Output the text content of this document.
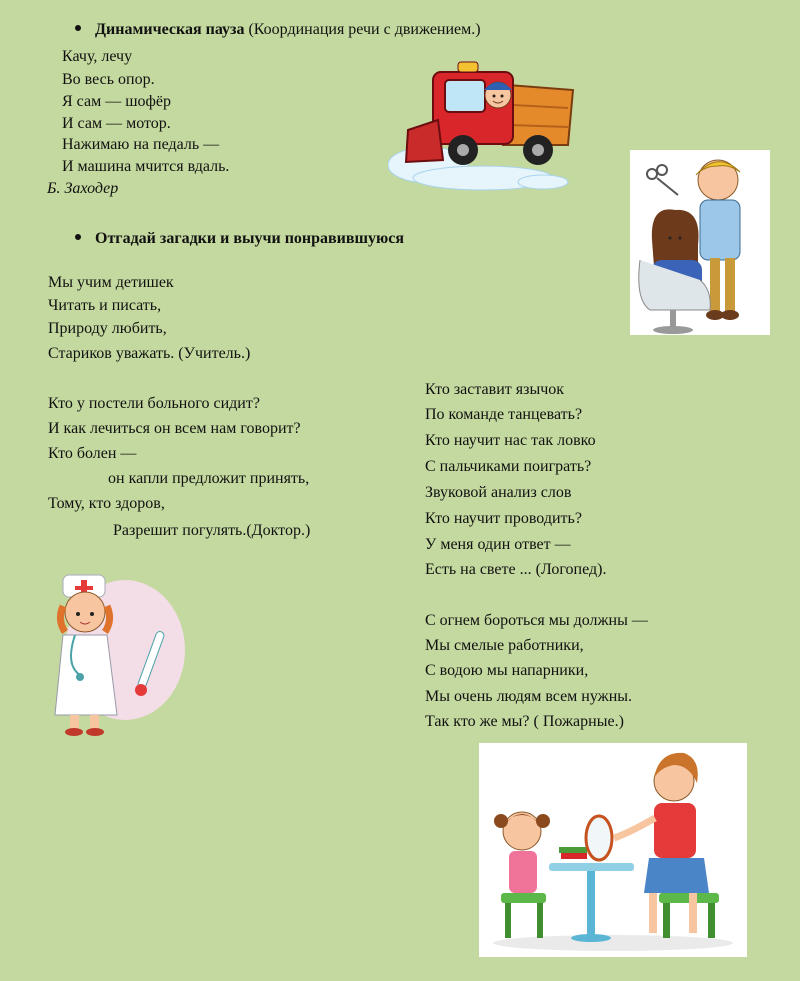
Динамическая пауза (Координация речи с движением.)
Качу, лечу
Во весь опор.
Я сам — шофёр
И сам — мотор.
Нажимаю на педаль —
И машина мчится вдаль.
Б. Заходер
Отгадай загадки и выучи понравившуюся
Мы учим детишек
Читать и писать,
Природу любить,
Стариков уважать. (Учитель.)
Кто у постели больного сидит?
И как лечиться он всем нам говорит?
Кто болен —
он капли предложит принять,
Тому, кто здоров,
Разрешит погулять.(Доктор.)
Кто заставит язычок
По команде танцевать?
Кто научит нас так ловко
С пальчиками поиграть?
Звуковой анализ слов
Кто научит проводить?
У меня один ответ —
Есть на свете ... (Логопед).
С огнем бороться мы должны —
Мы смелые работники,
С водою мы напарники,
Мы очень людям всем нужны.
Так кто же мы? ( Пожарные.)
